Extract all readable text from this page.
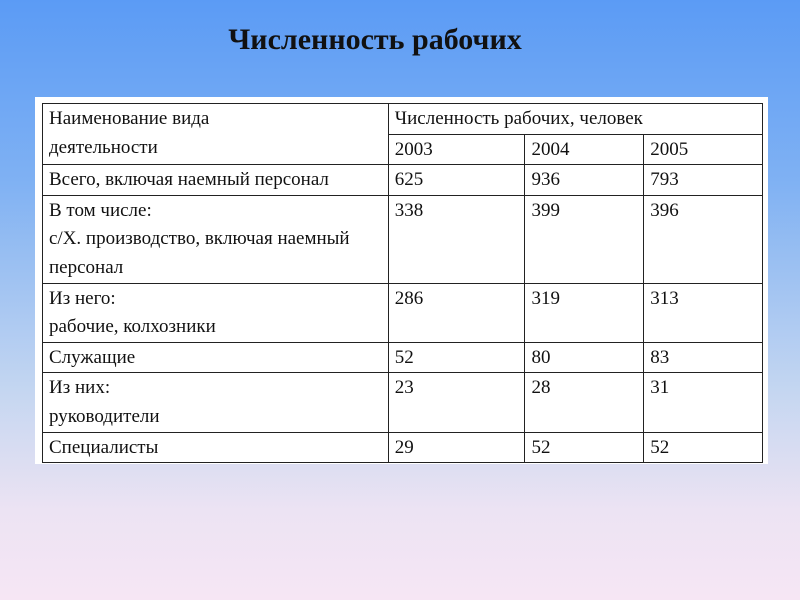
Численность рабочих
Наименование вида
деятельности	Численность рабочих, человек		
	2003	2004	2005

Всего, включая наемный персонал	625	936	793

В том числе:
с/Х. производство, включая наемный
персонал	338	399	396

Из него:
рабочие, колхозники	286	319	313

Служащие	52	80	83

Из них:
руководители	23	28	31

Специалисты	29	52	52
